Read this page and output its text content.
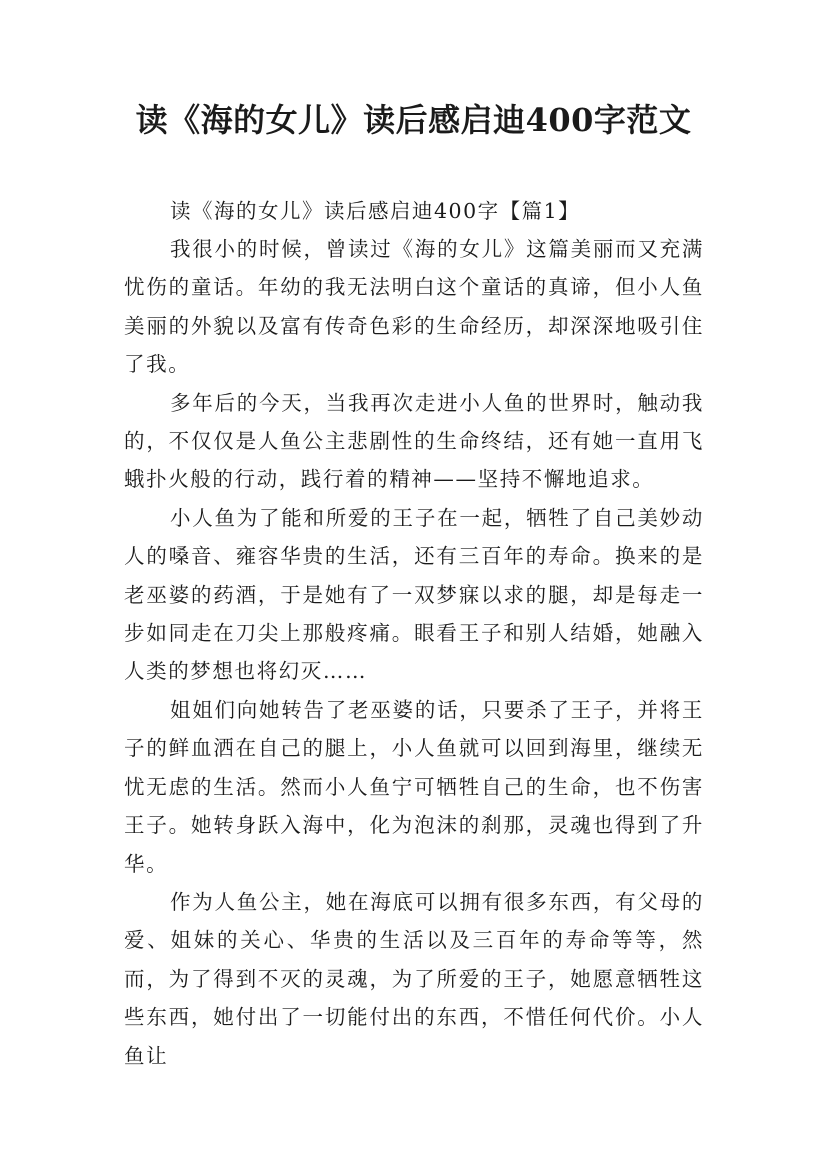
读《海的女儿》读后感启迪400字范文

读《海的女儿》读后感启迪400字【篇1】

我很小的时候，曾读过《海的女儿》这篇美丽而又充满忧伤的童话。年幼的我无法明白这个童话的真谛，但小人鱼美丽的外貌以及富有传奇色彩的生命经历，却深深地吸引住了我。

多年后的今天，当我再次走进小人鱼的世界时，触动我的，不仅仅是人鱼公主悲剧性的生命终结，还有她一直用飞蛾扑火般的行动，践行着的精神——坚持不懈地追求。

小人鱼为了能和所爱的王子在一起，牺牲了自己美妙动人的嗓音、雍容华贵的生活，还有三百年的寿命。换来的是老巫婆的药酒，于是她有了一双梦寐以求的腿，却是每走一步如同走在刀尖上那般疼痛。眼看王子和别人结婚，她融入人类的梦想也将幻灭……

姐姐们向她转告了老巫婆的话，只要杀了王子，并将王子的鲜血洒在自己的腿上，小人鱼就可以回到海里，继续无忧无虑的生活。然而小人鱼宁可牺牲自己的生命，也不伤害王子。她转身跃入海中，化为泡沫的刹那，灵魂也得到了升华。

作为人鱼公主，她在海底可以拥有很多东西，有父母的爱、姐妹的关心、华贵的生活以及三百年的寿命等等，然而，为了得到不灭的灵魂，为了所爱的王子，她愿意牺牲这些东西，她付出了一切能付出的东西，不惜任何代价。小人鱼让
